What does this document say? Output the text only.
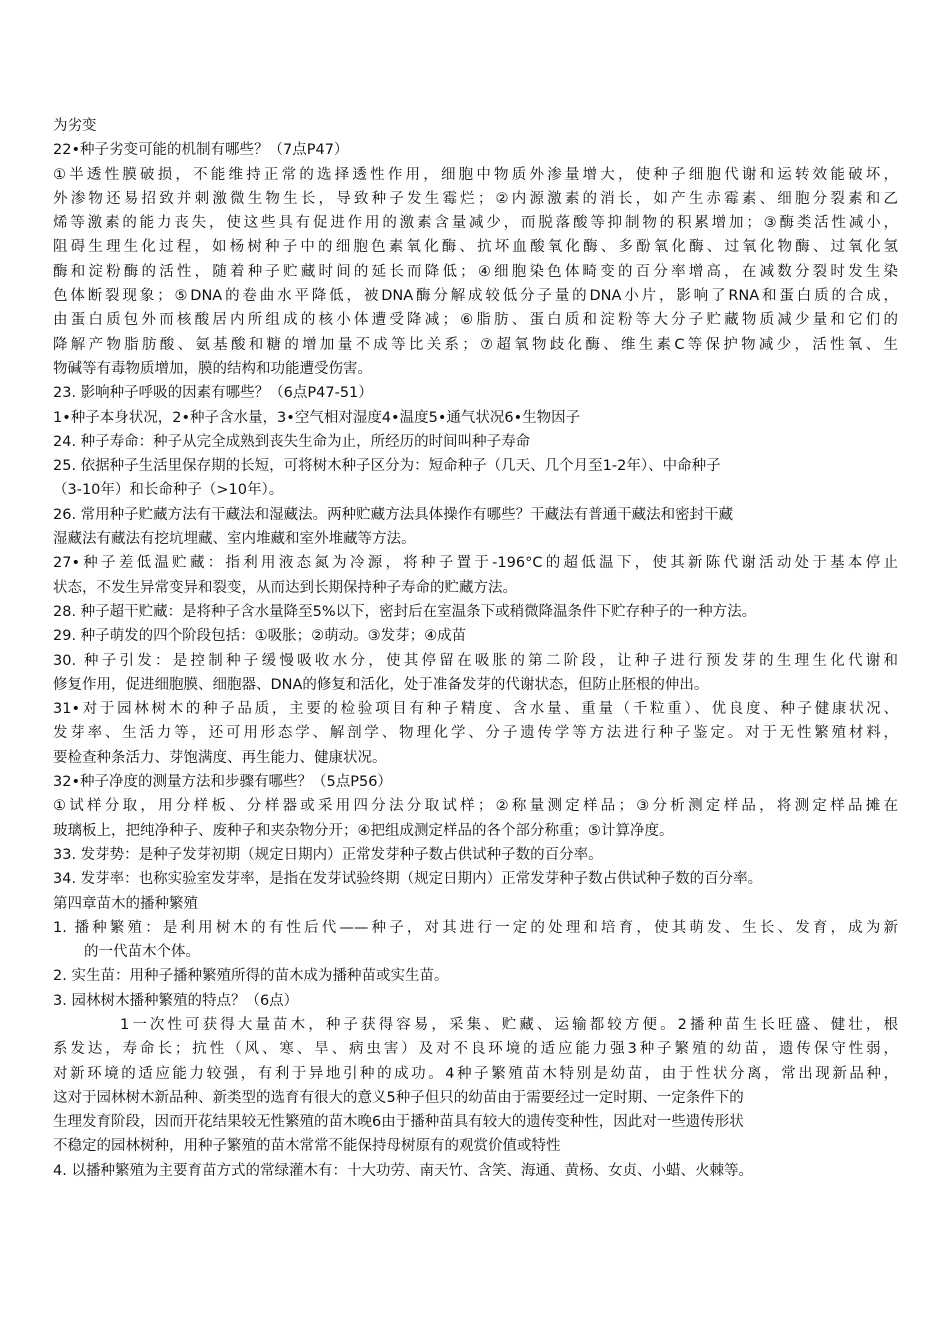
为劣变
22•种子劣变可能的机制有哪些？（7点P47）
①半透性膜破损，不能维持正常的选择透性作用，细胞中物质外渗量增大，使种子细胞代谢和运转效能破坏，
外渗物还易招致并刺激微生物生长，导致种子发生霉烂；②内源激素的消长，如产生赤霉素、细胞分裂素和乙
烯等激素的能力丧失，使这些具有促进作用的激素含量减少，而脱落酸等抑制物的积累增加；③酶类活性减小，
阻碍生理生化过程，如杨树种子中的细胞色素氧化酶、抗坏血酸氧化酶、多酚氧化酶、过氧化物酶、过氧化氢
酶和淀粉酶的活性，随着种子贮藏时间的延长而降低；④细胞染色体畸变的百分率增高，在减数分裂时发生染
色体断裂现象；⑤DNA的卷曲水平降低，被DNA酶分解成较低分子量的DNA小片，影响了RNA和蛋白质的合成，
由蛋白质包外而核酸居内所组成的核小体遭受降减；⑥脂肪、蛋白质和淀粉等大分子贮藏物质减少量和它们的
降解产物脂肪酸、氨基酸和糖的增加量不成等比关系；⑦超氧物歧化酶、维生素C等保护物减少，活性氧、生
物碱等有毒物质增加，膜的结构和功能遭受伤害。
23. 影响种子呼吸的因素有哪些？（6点P47-51）
1•种子本身状况，2•种子含水量，3•空气相对湿度4•温度5•通气状况6•生物因子
24. 种子寿命：种子从完全成熟到丧失生命为止，所经历的时间叫种子寿命
25. 依据种子生活里保存期的长短，可将树木种子区分为：短命种子（几天、几个月至1-2年）、中命种子
（3-10年）和长命种子（>10年）。
26. 常用种子贮藏方法有干藏法和湿藏法。两种贮藏方法具体操作有哪些？干藏法有普通干藏法和密封干藏
湿藏法有藏法有挖坑埋藏、室内堆藏和室外堆藏等方法。
27•种子差低温贮藏：指利用液态氮为冷源，将种子置于-196°C的超低温下，使其新陈代谢活动处于基本停止
状态，不发生异常变异和裂变，从而达到长期保持种子寿命的贮藏方法。
28. 种子超干贮藏：是将种子含水量降至5%以下，密封后在室温条下或稍微降温条件下贮存种子的一种方法。
29. 种子萌发的四个阶段包括：①吸胀；②萌动。③发芽；④成苗
30. 种子引发：是控制种子缓慢吸收水分，使其停留在吸胀的第二阶段，让种子进行预发芽的生理生化代谢和
修复作用，促进细胞膜、细胞器、DNA的修复和活化，处于准备发芽的代谢状态，但防止胚根的伸出。
31•对于园林树木的种子品质，主要的检验项目有种子精度、含水量、重量（千粒重）、优良度、种子健康状况、
发芽率、生活力等，还可用形态学、解剖学、物理化学、分子遗传学等方法进行种子鉴定。对于无性繁殖材料，
要检查种条活力、芽饱满度、再生能力、健康状况。
32•种子净度的测量方法和步骤有哪些？（5点P56）
①试样分取，用分样板、分样器或采用四分法分取试样；②称量测定样品；③分析测定样品，将测定样品摊在
玻璃板上，把纯净种子、废种子和夹杂物分开；④把组成测定样品的各个部分称重；⑤计算净度。
33. 发芽势：是种子发芽初期（规定日期内）正常发芽种子数占供试种子数的百分率。
34. 发芽率：也称实验室发芽率，是指在发芽试验终期（规定日期内）正常发芽种子数占供试种子数的百分率。
第四章苗木的播种繁殖
1. 播种繁殖：是利用树木的有性后代——种子，对其进行一定的处理和培育，使其萌发、生长、发育，成为新
的一代苗木个体。
2. 实生苗：用种子播种繁殖所得的苗木成为播种苗或实生苗。
3. 园林树木播种繁殖的特点？（6点）
1一次性可获得大量苗木，种子获得容易，采集、贮藏、运输都较方便。2播种苗生长旺盛、健壮，根
系发达，寿命长；抗性（风、寒、旱、病虫害）及对不良环境的适应能力强3种子繁殖的幼苗，遗传保守性弱，
对新环境的适应能力较强，有利于异地引种的成功。4种子繁殖苗木特别是幼苗，由于性状分离，常出现新品种，
这对于园林树木新品种、新类型的选育有很大的意义5种子但只的幼苗由于需要经过一定时期、一定条件下的
生理发育阶段，因而开花结果较无性繁殖的苗木晚6由于播种苗具有较大的遗传变种性，因此对一些遗传形状
不稳定的园林树种，用种子繁殖的苗木常常不能保持母树原有的观赏价值或特性
4. 以播种繁殖为主要育苗方式的常绿灌木有：十大功劳、南天竹、含笑、海通、黄杨、女贞、小蜡、火棘等。
